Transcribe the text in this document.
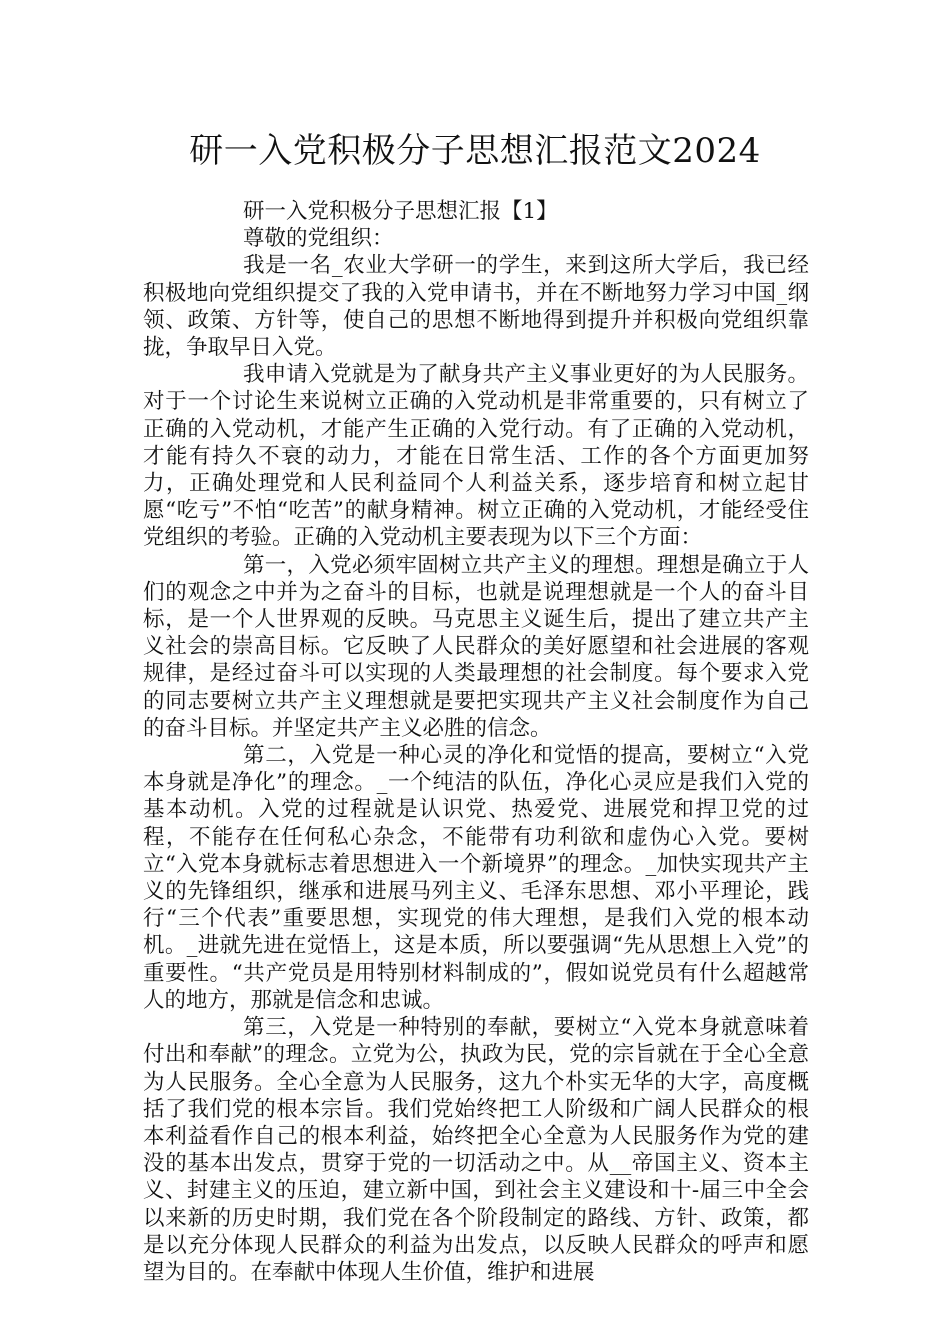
研一入党积极分子思想汇报范文2024

研一入党积极分子思想汇报【1】

尊敬的党组织：

我是一名_农业大学研一的学生，来到这所大学后，我已经积极地向党组织提交了我的入党申请书，并在不断地努力学习中国_纲领、政策、方针等，使自己的思想不断地得到提升并积极向党组织靠拢，争取早日入党。

我申请入党就是为了献身共产主义事业更好的为人民服务。对于一个讨论生来说树立正确的入党动机是非常重要的，只有树立了正确的入党动机，才能产生正确的入党行动。有了正确的入党动机，才能有持久不衰的动力，才能在日常生活、工作的各个方面更加努力，正确处理党和人民利益同个人利益关系，逐步培育和树立起甘愿“吃亏”不怕“吃苦”的献身精神。树立正确的入党动机，才能经受住党组织的考验。正确的入党动机主要表现为以下三个方面：

第一，入党必须牢固树立共产主义的理想。理想是确立于人们的观念之中并为之奋斗的目标，也就是说理想就是一个人的奋斗目标，是一个人世界观的反映。马克思主义诞生后，提出了建立共产主义社会的崇高目标。它反映了人民群众的美好愿望和社会进展的客观规律，是经过奋斗可以实现的人类最理想的社会制度。每个要求入党的同志要树立共产主义理想就是要把实现共产主义社会制度作为自己的奋斗目标。并坚定共产主义必胜的信念。

第二，入党是一种心灵的净化和觉悟的提高，要树立“入党本身就是净化”的理念。_一个纯洁的队伍，净化心灵应是我们入党的基本动机。入党的过程就是认识党、热爱党、进展党和捍卫党的过程，不能存在任何私心杂念，不能带有功利欲和虚伪心入党。要树立“入党本身就标志着思想进入一个新境界”的理念。_加快实现共产主义的先锋组织，继承和进展马列主义、毛泽东思想、邓小平理论，践行“三个代表”重要思想，实现党的伟大理想，是我们入党的根本动机。_进就先进在觉悟上，这是本质，所以要强调“先从思想上入党”的重要性。“共产党员是用特别材料制成的”，假如说党员有什么超越常人的地方，那就是信念和忠诚。

第三，入党是一种特别的奉献，要树立“入党本身就意味着付出和奉献”的理念。立党为公，执政为民，党的宗旨就在于全心全意为人民服务。全心全意为人民服务，这九个朴实无华的大字，高度概括了我们党的根本宗旨。我们党始终把工人阶级和广阔人民群众的根本利益看作自己的根本利益，始终把全心全意为人民服务作为党的建没的基本出发点，贯穿于党的一切活动之中。从__帝国主义、资本主义、封建主义的压迫，建立新中国，到社会主义建设和十-届三中全会以来新的历史时期，我们党在各个阶段制定的路线、方针、政策，都是以充分体现人民群众的利益为出发点，以反映人民群众的呼声和愿望为目的。在奉献中体现人生价值，维护和进展
